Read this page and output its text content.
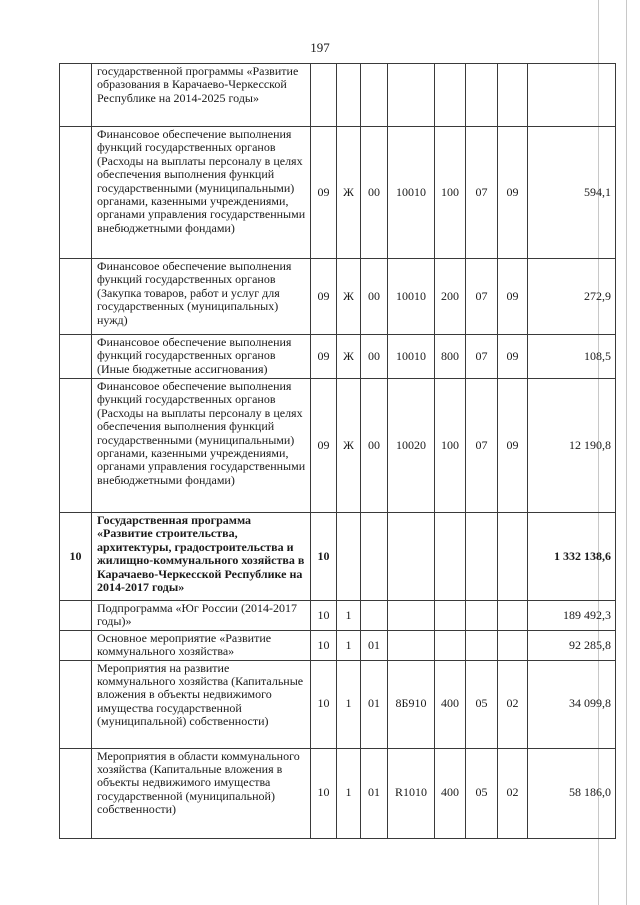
197
	государственной программы «Развитие образования в Карачаево-Черкесской Республике на 2014-2025 годы»								
	Финансовое обеспечение выполнения функций государственных органов (Расходы на выплаты персоналу в целях обеспечения выполнения функций государственными (муниципальными) органами, казенными учреждениями, органами управления государственными внебюджетными фондами)	09	Ж	00	10010	100	07	09	594,1
	Финансовое обеспечение выполнения функций государственных органов (Закупка товаров, работ и услуг для государственных (муниципальных) нужд)	09	Ж	00	10010	200	07	09	272,9
	Финансовое обеспечение выполнения функций государственных органов (Иные бюджетные ассигнования)	09	Ж	00	10010	800	07	09	108,5
	Финансовое обеспечение выполнения функций государственных органов (Расходы на выплаты персоналу в целях обеспечения выполнения функций государственными (муниципальными) органами, казенными учреждениями, органами управления государственными внебюджетными фондами)	09	Ж	00	10020	100	07	09	12 190,8
10	Государственная программа «Развитие строительства, архитектуры, градостроительства и жилищно-коммунального хозяйства в Карачаево-Черкесской Республике на 2014-2017 годы»	10							1 332 138,6
	Подпрограмма «Юг России (2014-2017 годы)»	10	1						189 492,3
	Основное мероприятие «Развитие коммунального хозяйства»	10	1	01					92 285,8
	Мероприятия на развитие коммунального хозяйства (Капитальные вложения в объекты недвижимого имущества государственной (муниципальной) собственности)	10	1	01	8Б910	400	05	02	34 099,8
	Мероприятия в области коммунального хозяйства (Капитальные вложения в объекты недвижимого имущества государственной (муниципальной) собственности)	10	1	01	R1010	400	05	02	58 186,0
